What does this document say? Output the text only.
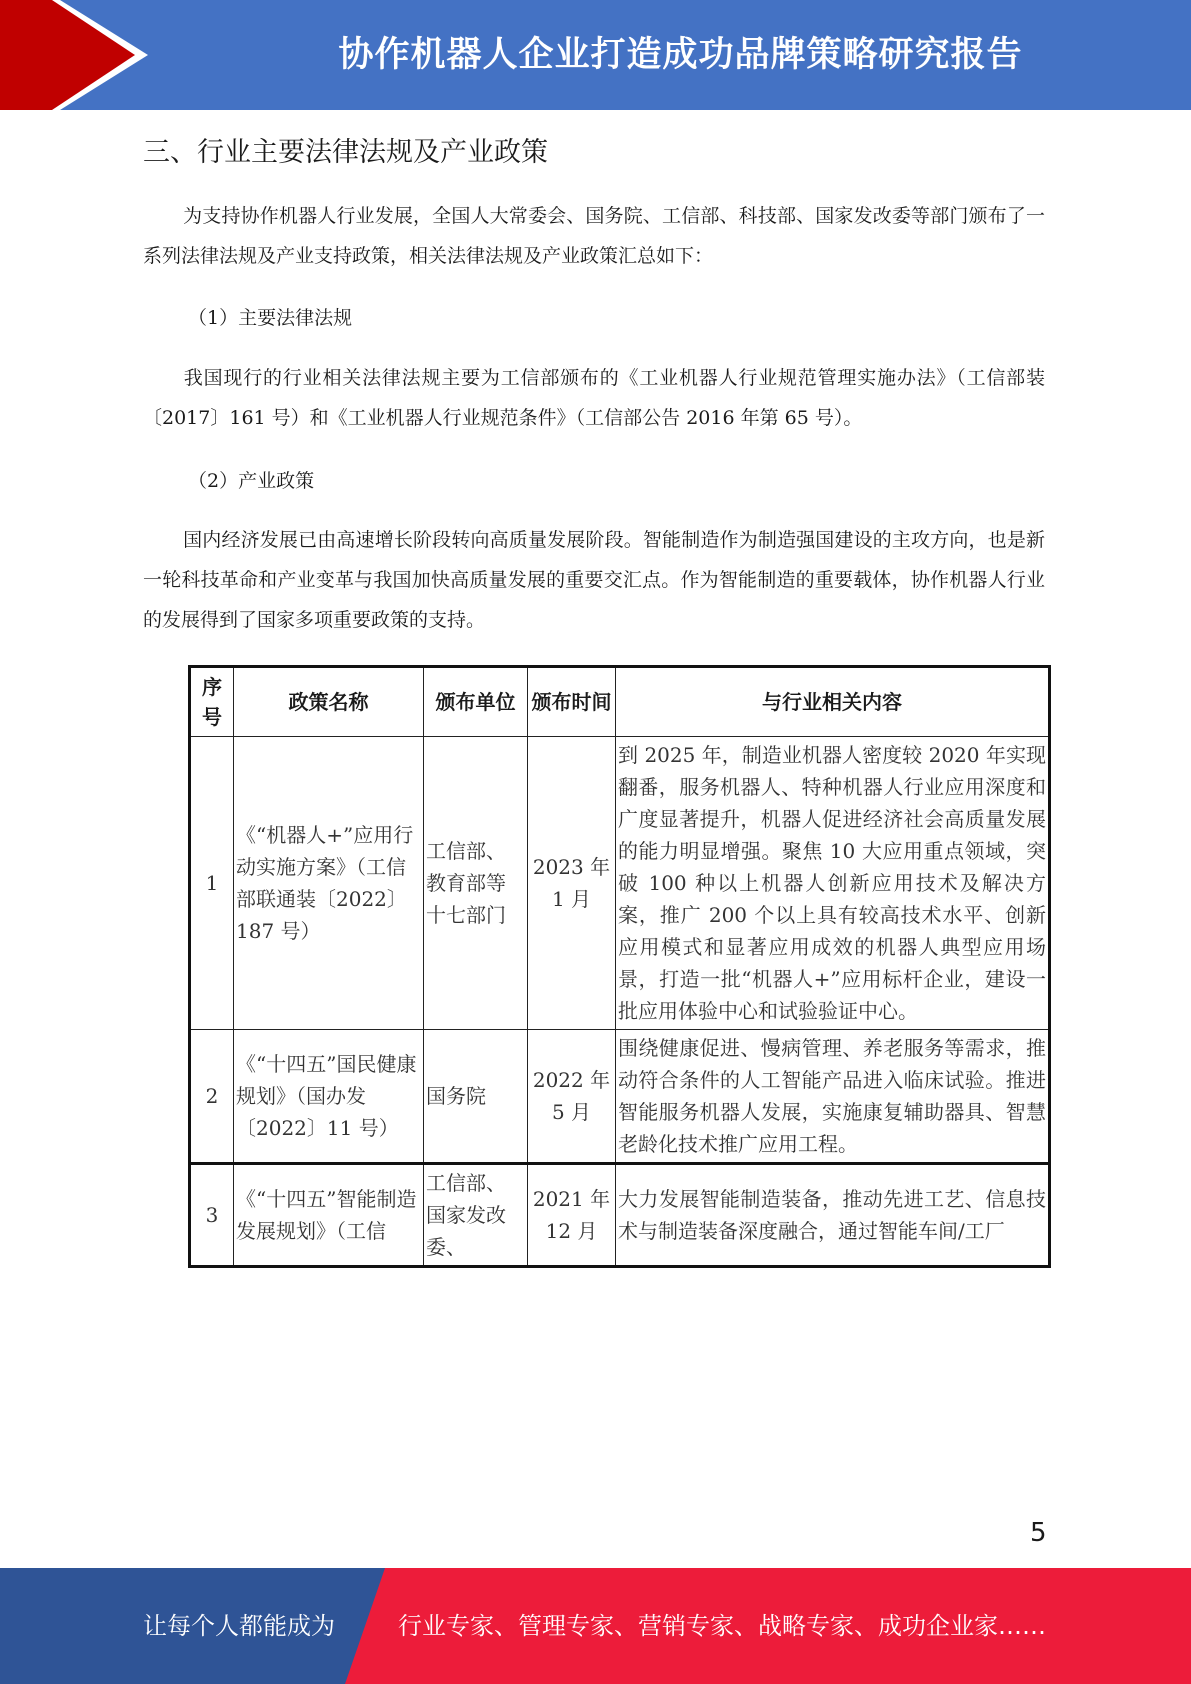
协作机器人企业打造成功品牌策略研究报告
三、行业主要法律法规及产业政策
为支持协作机器人行业发展，全国人大常委会、国务院、工信部、科技部、国家发改委等部门颁布了一系列法律法规及产业支持政策，相关法律法规及产业政策汇总如下：
（1）主要法律法规
我国现行的行业相关法律法规主要为工信部颁布的《工业机器人行业规范管理实施办法》（工信部装〔2017〕161 号）和《工业机器人行业规范条件》（工信部公告 2016 年第 65 号）。
（2）产业政策
国内经济发展已由高速增长阶段转向高质量发展阶段。智能制造作为制造强国建设的主攻方向，也是新一轮科技革命和产业变革与我国加快高质量发展的重要交汇点。作为智能制造的重要载体，协作机器人行业的发展得到了国家多项重要政策的支持。
序号	政策名称	颁布单位	颁布时间	与行业相关内容
1	《“机器人+”应用行动实施方案》（工信部联通装〔2022〕187 号）	工信部、教育部等十七部门	2023 年 1 月	到 2025 年，制造业机器人密度较 2020 年实现翻番，服务机器人、特种机器人行业应用深度和广度显著提升，机器人促进经济社会高质量发展的能力明显增强。聚焦 10 大应用重点领域，突破 100 种以上机器人创新应用技术及解决方案，推广 200 个以上具有较高技术水平、创新应用模式和显著应用成效的机器人典型应用场景，打造一批“机器人+”应用标杆企业，建设一批应用体验中心和试验验证中心。
2	《“十四五”国民健康规划》（国办发〔2022〕11 号）	国务院	2022 年 5 月	围绕健康促进、慢病管理、养老服务等需求，推动符合条件的人工智能产品进入临床试验。推进智能服务机器人发展，实施康复辅助器具、智慧老龄化技术推广应用工程。
3	《“十四五”智能制造发展规划》（工信	工信部、国家发改委、	2021 年 12 月	大力发展智能制造装备，推动先进工艺、信息技术与制造装备深度融合，通过智能车间/工厂
5
让每个人都能成为	行业专家、管理专家、营销专家、战略专家、成功企业家……
